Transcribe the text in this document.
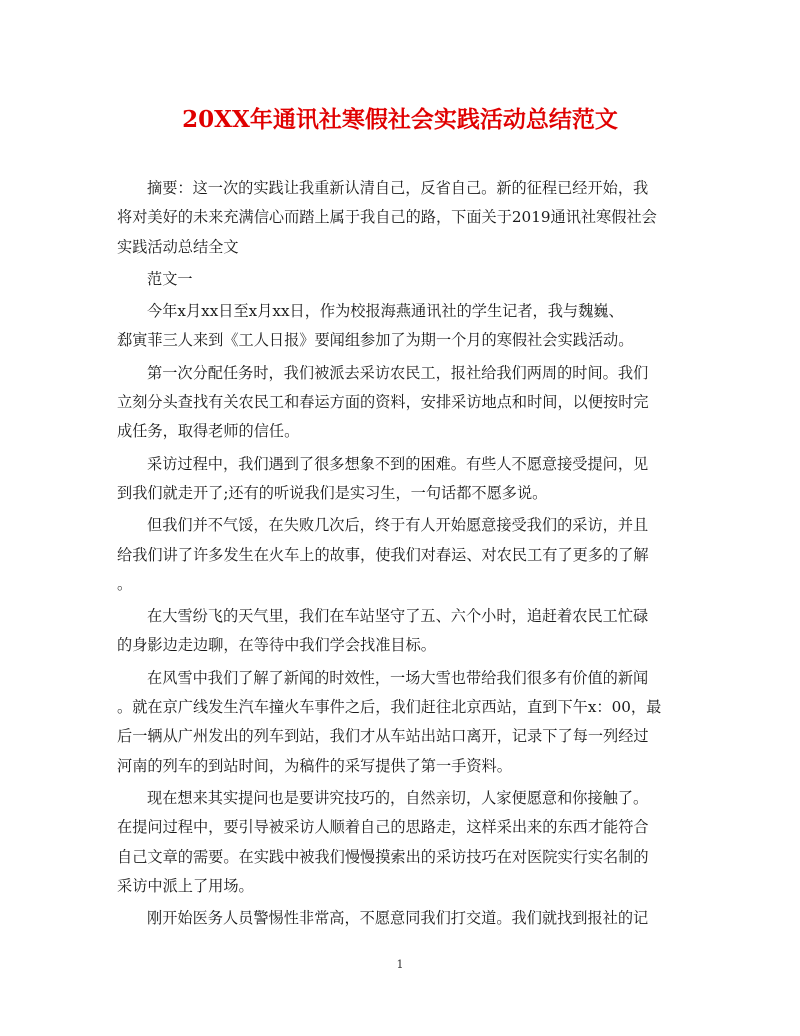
20XX年通讯社寒假社会实践活动总结范文
摘要：这一次的实践让我重新认清自己，反省自己。新的征程已经开始，我
将对美好的未来充满信心而踏上属于我自己的路，下面关于2019通讯社寒假社会
实践活动总结全文
范文一
今年x月xx日至x月xx日，作为校报海燕通讯社的学生记者，我与魏巍、
郄寅菲三人来到《工人日报》要闻组参加了为期一个月的寒假社会实践活动。
第一次分配任务时，我们被派去采访农民工，报社给我们两周的时间。我们
立刻分头查找有关农民工和春运方面的资料，安排采访地点和时间，以便按时完
成任务，取得老师的信任。
采访过程中，我们遇到了很多想象不到的困难。有些人不愿意接受提问，见
到我们就走开了;还有的听说我们是实习生，一句话都不愿多说。
但我们并不气馁，在失败几次后，终于有人开始愿意接受我们的采访，并且
给我们讲了许多发生在火车上的故事，使我们对春运、对农民工有了更多的了解
。
在大雪纷飞的天气里，我们在车站坚守了五、六个小时，追赶着农民工忙碌
的身影边走边聊，在等待中我们学会找准目标。
在风雪中我们了解了新闻的时效性，一场大雪也带给我们很多有价值的新闻
。就在京广线发生汽车撞火车事件之后，我们赶往北京西站，直到下午x：00，最
后一辆从广州发出的列车到站，我们才从车站出站口离开，记录下了每一列经过
河南的列车的到站时间，为稿件的采写提供了第一手资料。
现在想来其实提问也是要讲究技巧的，自然亲切，人家便愿意和你接触了。
在提问过程中，要引导被采访人顺着自己的思路走，这样采出来的东西才能符合
自己文章的需要。在实践中被我们慢慢摸索出的采访技巧在对医院实行实名制的
采访中派上了用场。
刚开始医务人员警惕性非常高，不愿意同我们打交道。我们就找到报社的记
1
